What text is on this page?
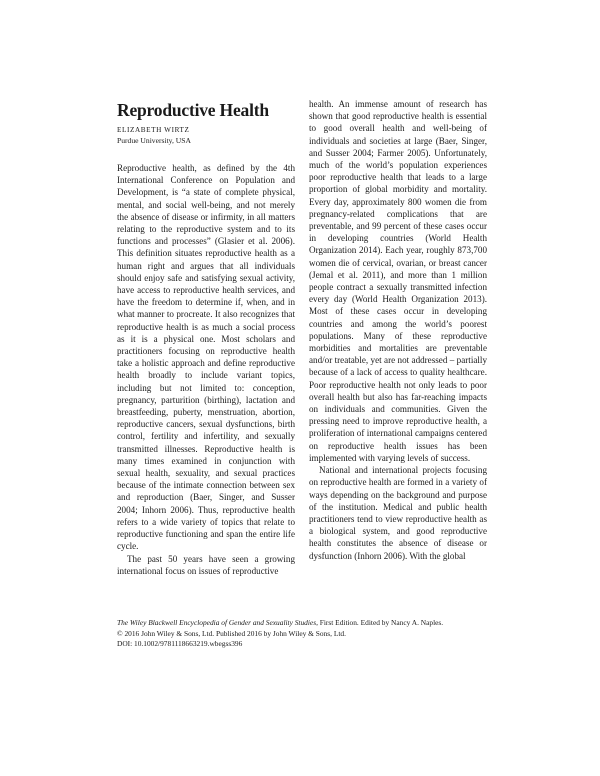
Reproductive Health
ELIZABETH WIRTZ
Purdue University, USA

Reproductive health, as defined by the 4th International Conference on Population and Development, is “a state of complete physical, mental, and social well-being, and not merely the absence of disease or infirmity, in all matters relating to the reproductive system and to its functions and processes” (Glasier et al. 2006). This definition situates reproductive health as a human right and argues that all individuals should enjoy safe and satisfying sexual activity, have access to reproductive health services, and have the freedom to determine if, when, and in what manner to procreate. It also recognizes that reproductive health is as much a social process as it is a physical one. Most scholars and practitioners focusing on reproductive health take a holistic approach and define reproductive health broadly to include variant topics, including but not limited to: conception, pregnancy, parturition (birthing), lactation and breastfeeding, puberty, menstruation, abortion, reproductive cancers, sexual dysfunctions, birth control, fertility and infertility, and sexually transmitted illnesses. Reproductive health is many times examined in conjunction with sexual health, sexuality, and sexual practices because of the intimate connection between sex and reproduction (Baer, Singer, and Susser 2004; Inhorn 2006). Thus, reproductive health refers to a wide variety of topics that relate to reproductive functioning and span the entire life cycle.

The past 50 years have seen a growing international focus on issues of reproductive

health. An immense amount of research has shown that good reproductive health is essential to good overall health and well-being of individuals and societies at large (Baer, Singer, and Susser 2004; Farmer 2005). Unfortunately, much of the world’s population experiences poor reproductive health that leads to a large proportion of global morbidity and mortality. Every day, approximately 800 women die from pregnancy-related complications that are preventable, and 99 percent of these cases occur in developing countries (World Health Organization 2014). Each year, roughly 873,700 women die of cervical, ovarian, or breast cancer (Jemal et al. 2011), and more than 1 million people contract a sexually transmitted infection every day (World Health Organization 2013). Most of these cases occur in developing countries and among the world’s poorest populations. Many of these reproductive morbidities and mortalities are preventable and/or treatable, yet are not addressed – partially because of a lack of access to quality healthcare. Poor reproductive health not only leads to poor overall health but also has far-reaching impacts on individuals and communities. Given the pressing need to improve reproductive health, a proliferation of international campaigns centered on reproductive health issues has been implemented with varying levels of success.

National and international projects focusing on reproductive health are formed in a variety of ways depending on the background and purpose of the institution. Medical and public health practitioners tend to view reproductive health as a biological system, and good reproductive health constitutes the absence of disease or dysfunction (Inhorn 2006). With the global

The Wiley Blackwell Encyclopedia of Gender and Sexuality Studies, First Edition. Edited by Nancy A. Naples.
© 2016 John Wiley & Sons, Ltd. Published 2016 by John Wiley & Sons, Ltd.
DOI: 10.1002/9781118663219.wbegss396
